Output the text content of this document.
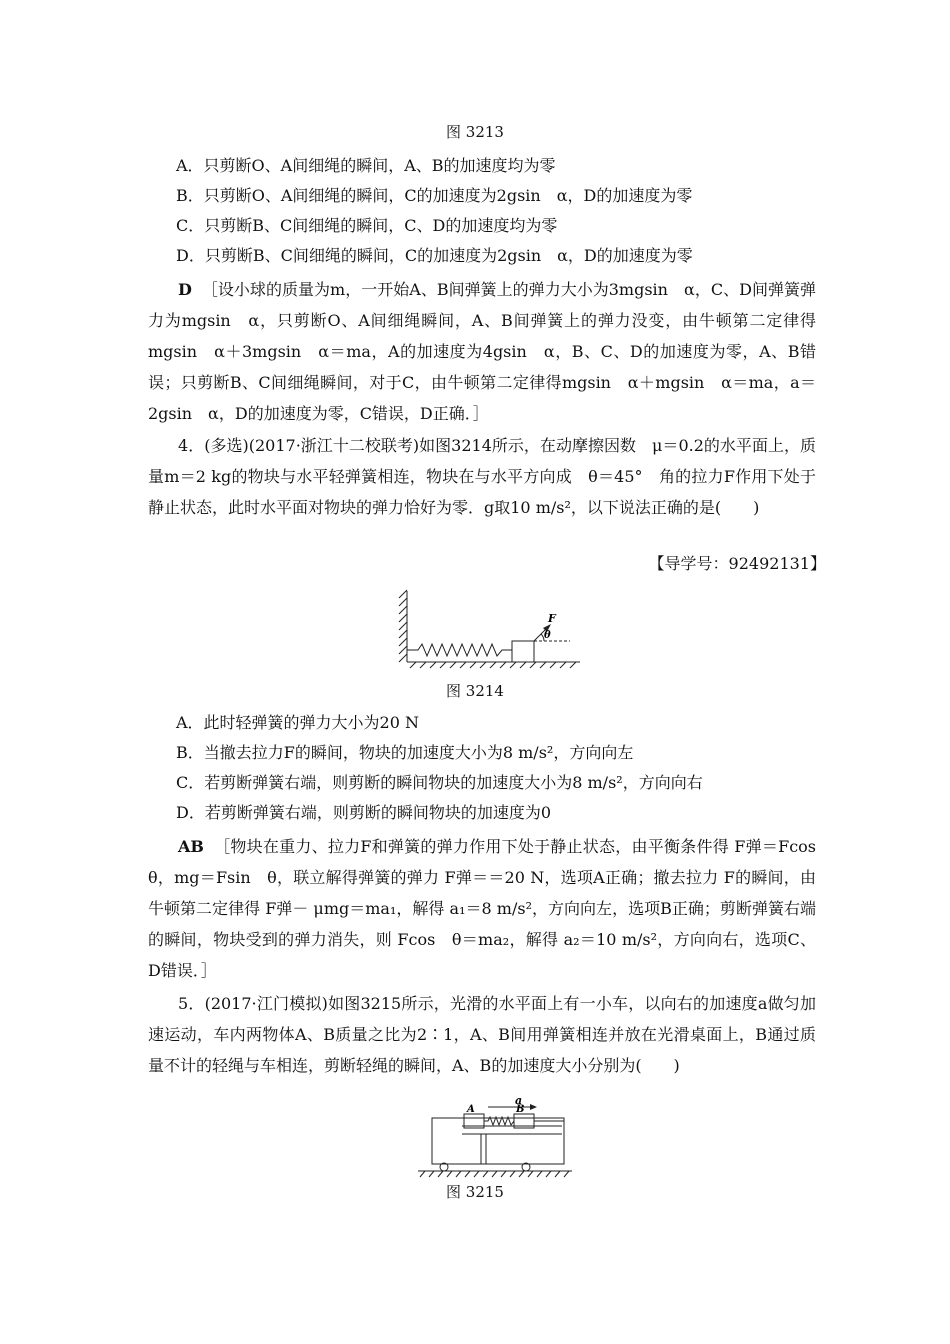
图 3213
A．只剪断O、A间细绳的瞬间，A、B的加速度均为零
B．只剪断O、A间细绳的瞬间，C的加速度为2gsin　α，D的加速度为零
C．只剪断B、C间细绳的瞬间，C、D的加速度均为零
D．只剪断B、C间细绳的瞬间，C的加速度为2gsin　α，D的加速度为零
D ［设小球的质量为m，一开始A、B间弹簧上的弹力大小为3mgsin　α，C、D间弹簧弹力为mgsin　α，只剪断O、A间细绳瞬间，A、B间弹簧上的弹力没变，由牛顿第二定律得mgsin　α＋3mgsin　α＝ma，A的加速度为4gsin　α，B、C、D的加速度为零，A、B错误；只剪断B、C间细绳瞬间，对于C，由牛顿第二定律得mgsin　α＋mgsin　α＝ma，a＝2gsin　α，D的加速度为零，C错误，D正确．］
4．(多选)(2017·浙江十二校联考)如图3214所示，在动摩擦因数　μ＝0.2的水平面上，质量m＝2 kg的物块与水平轻弹簧相连，物块在与水平方向成　θ＝45°　角的拉力F作用下处于静止状态，此时水平面对物块的弹力恰好为零．g取10 m/s²，以下说法正确的是(　　)
【导学号：92492131】
F
θ
图 3214
A．此时轻弹簧的弹力大小为20 N
B．当撤去拉力F的瞬间，物块的加速度大小为8 m/s²，方向向左
C．若剪断弹簧右端，则剪断的瞬间物块的加速度大小为8 m/s²，方向向右
D．若剪断弹簧右端，则剪断的瞬间物块的加速度为0
AB ［物块在重力、拉力F和弹簧的弹力作用下处于静止状态，由平衡条件得 F弹＝Fcos　θ，mg＝Fsin　θ，联立解得弹簧的弹力 F弹＝＝20 N，选项A正确；撤去拉力 F的瞬间，由牛顿第二定律得 F弹－ μmg＝ma₁，解得 a₁＝8 m/s²，方向向左，选项B正确；剪断弹簧右端的瞬间，物块受到的弹力消失，则 Fcos　θ＝ma₂，解得 a₂＝10 m/s²，方向向右，选项C、D错误．］
5．(2017·江门模拟)如图3215所示，光滑的水平面上有一小车，以向右的加速度a做匀加速运动，车内两物体A、B质量之比为2∶1，A、B间用弹簧相连并放在光滑桌面上，B通过质量不计的轻绳与车相连，剪断轻绳的瞬间，A、B的加速度大小分别为(　　)
a
A	B
图 3215
